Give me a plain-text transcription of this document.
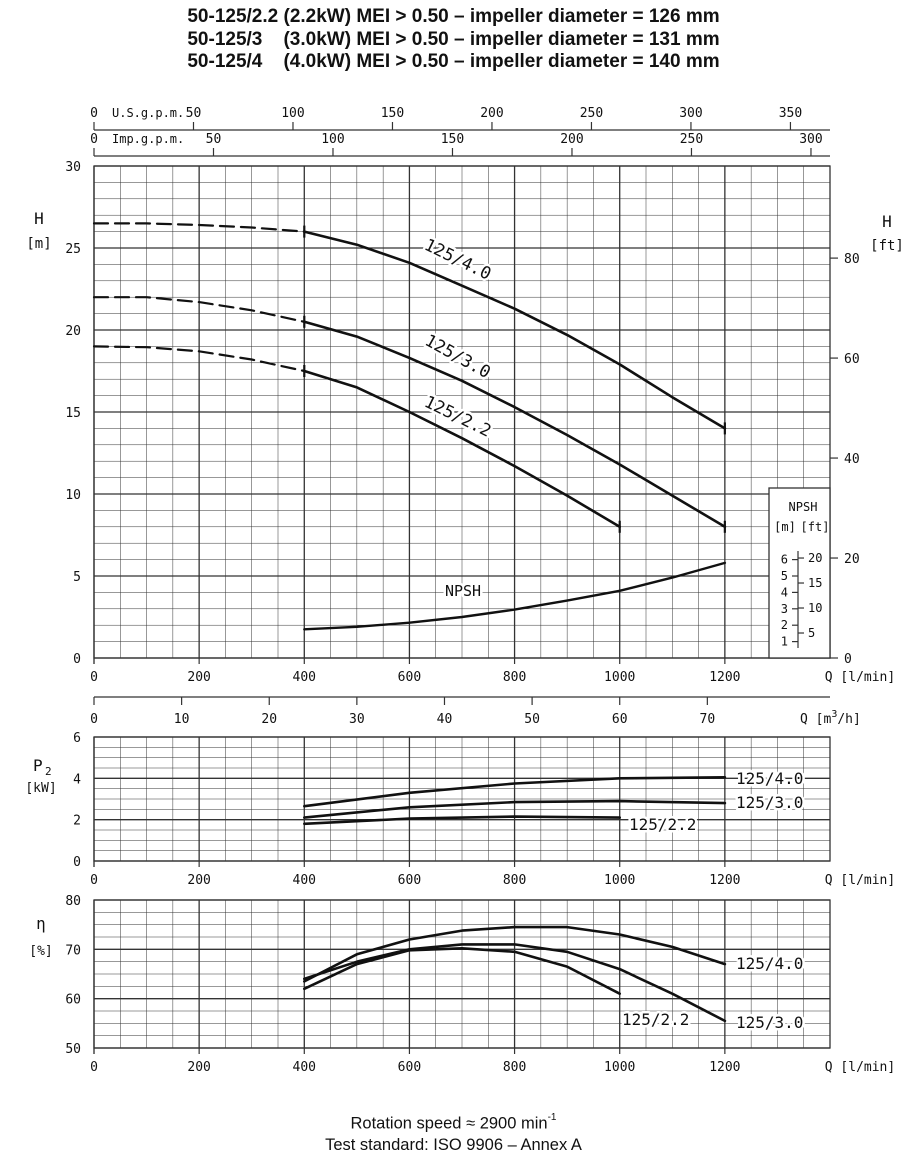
50-125/2.2 (2.2kW) MEI > 0.50 – impeller diameter = 126 mm
50-125/3    (3.0kW) MEI > 0.50 – impeller diameter = 131 mm
50-125/4    (4.0kW) MEI > 0.50 – impeller diameter = 140 mm
0	200	400	600	800	1000	1200	Q [l/min]
0
5
10
15
20
25
30
125/4.0
125/3.0
125/2.2
NPSH
H
[m]
0
20
40
60
80
H
[ft]
0	50	100	150	200	250	300	350
U.S.g.p.m.
0	50	100	150	200	250	300
Imp.g.p.m.
NPSH
[m] [ft]
1
2
3
4
5
6
5
10
15
20
0	200	400	600	800	1000	1200	Q [l/min]
0
2
4
6
125/4.0
125/3.0
125/2.2
P 2
[kW]
0	10	20	30	40	50	60	70	Q $[m^3/h]$
0	200	400	600	800	1000	1200	Q [l/min]
50
60
70
80
125/4.0
125/3.0
125/2.2
η
[%]
Rotation speed ≈ 2900 $\min^{-1}$
Test standard: ISO 9906 – Annex A
